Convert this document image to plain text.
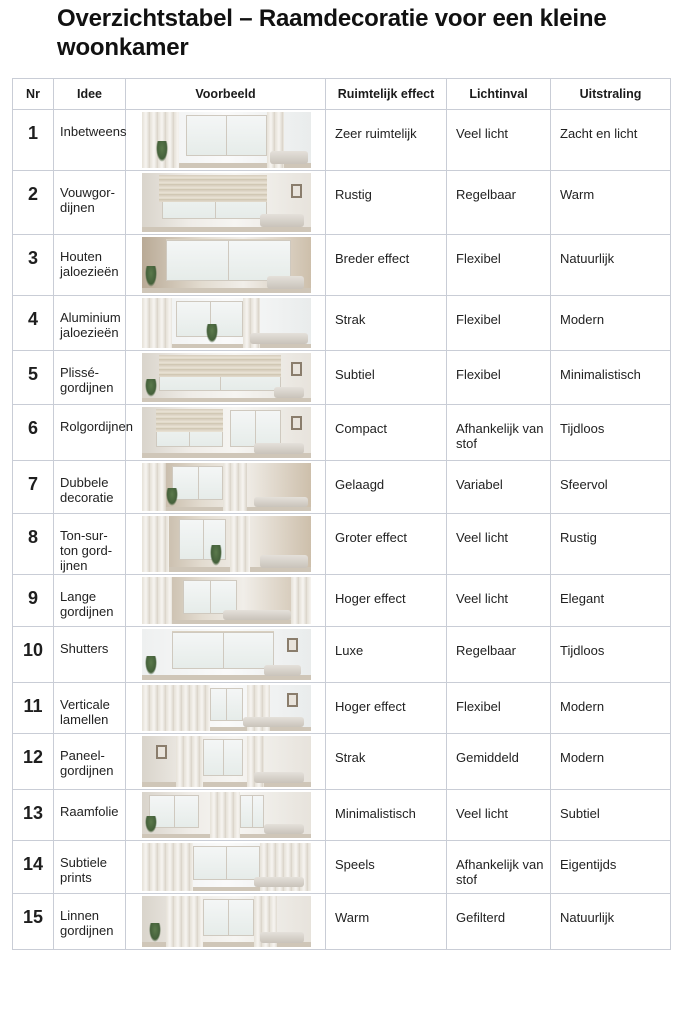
Overzichtstabel – Raamdecoratie voor een kleine woonkamer
Nr	Idee	Voorbeeld	Ruimtelijk effect	Lichtinval	Uitstraling
1	Inbetweens		Zeer ruimtelijk	Veel licht	Zacht en licht
2	Vouwgor-dijnen		Rustig	Regelbaar	Warm
3	Houten jaloezieën		Breder effect	Flexibel	Natuurlijk
4	Aluminium jaloezieën		Strak	Flexibel	Modern
5	Plissé-gordijnen		Subtiel	Flexibel	Minimalistisch
6	Rolgordijnen		Compact	Afhankelijk van stof	Tijdloos
7	Dubbele decoratie		Gelaagd	Variabel	Sfeervol
8	Ton-sur-ton gord-ijnen		Groter effect	Veel licht	Rustig
9	Lange gordijnen		Hoger effect	Veel licht	Elegant
10	Shutters		Luxe	Regelbaar	Tijdloos
11	Verticale lamellen		Hoger effect	Flexibel	Modern
12	Paneel-gordijnen		Strak	Gemiddeld	Modern
13	Raamfolie		Minimalistisch	Veel licht	Subtiel
14	Subtiele prints		Speels	Afhankelijk van stof	Eigentijds
15	Linnen gordijnen		Warm	Gefilterd	Natuurlijk
